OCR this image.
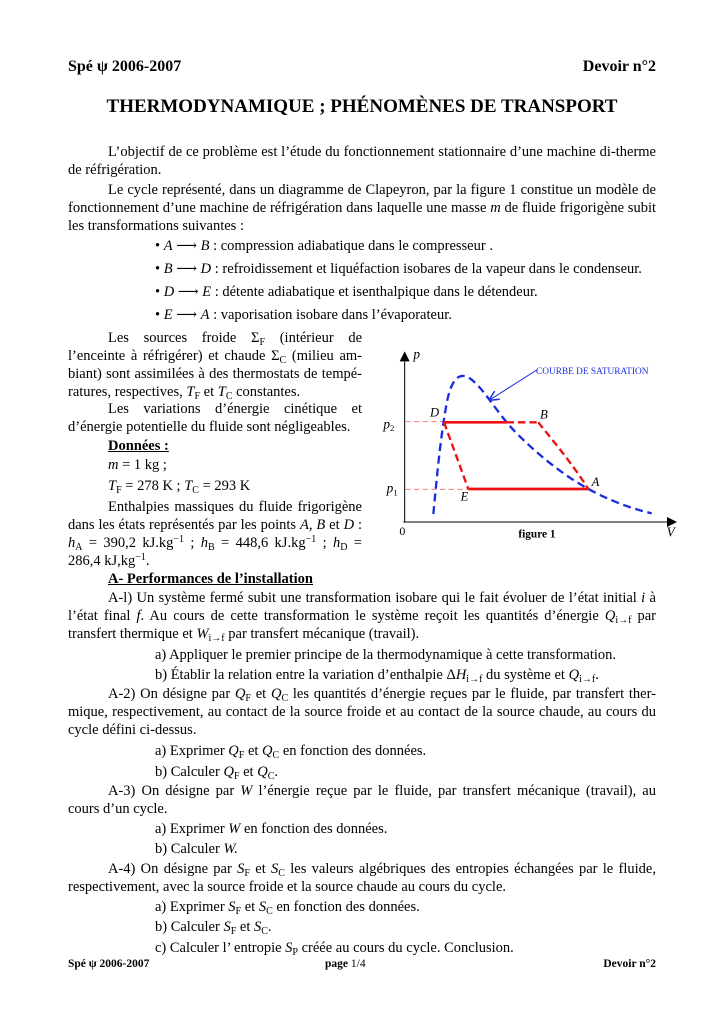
Spé ψ 2006-2007	Devoir n°2
THERMODYNAMIQUE ; PHÉNOMÈNES DE TRANSPORT
L’objectif de ce problème est l’étude du fonctionnement stationnaire d’une machine di-therme de réfrigération.
Le cycle représenté, dans un diagramme de Clapeyron, par la figure 1 constitue un modèle de fonctionnement d’une machine de réfrigération dans laquelle une masse m de fluide frigorigène subit les transformations suivantes :
• A ⟶ B : compression adiabatique dans le compresseur .
• B ⟶ D : refroidissement et liquéfaction isobares de la vapeur dans le condenseur.
• D ⟶ E : détente adiabatique et isenthalpique dans le détendeur.
• E ⟶ A : vaporisation isobare dans l’évaporateur.
Les sources froide $\Sigma_F$ (intérieur de l’enceinte à réfrigérer) et chaude $\Sigma_C$ (milieu am-biant) sont assimilées à des thermostats de tempé-ratures, respectives, $T_F$ et $T_C$ constantes.
Les variations d’énergie cinétique et d’énergie potentielle du fluide sont négligeables.
Données :
m = 1 kg ;
$T_F = 278$ K ; $T_C = 293$ K
Enthalpies massiques du fluide frigorigène dans les états représentés par les points A, B et D : $h_A = 390,2$ $kJ.kg^{-1}$ ; $h_B = 448,6$ $kJ.kg^{-1}$ ; $h_D = 286,4$ $kJ,kg^{-1}$.
A- Performances de l’installation
A-l) Un système fermé subit une transformation isobare qui le fait évoluer de l’état initial i à l’état final f. Au cours de cette transformation le système reçoit les quantités d’énergie $Q_{i\to f}$ par transfert thermique et $W_{i\to f}$ par transfert mécanique (travail).
a) Appliquer le premier principe de la thermodynamique à cette transformation.
b) Établir la relation entre la variation d’enthalpie $\Delta H_{i\to f}$ du système et $Q_{i\to f}$.
A-2) On désigne par $Q_F$ et $Q_C$ les quantités d’énergie reçues par le fluide, par transfert ther-mique, respectivement, au contact de la source froide et au contact de la source chaude, au cours du cycle défini ci-dessus.
a) Exprimer $Q_F$ et $Q_C$ en fonction des données.
b) Calculer $Q_F$ et $Q_C$.
A-3) On désigne par W l’énergie reçue par le fluide, par transfert mécanique (travail), au cours d’un cycle.
a) Exprimer W en fonction des données.
b) Calculer W.
A-4) On désigne par $S_F$ et $S_C$ les valeurs algébriques des entropies échangées par le fluide, respectivement, avec la source froide et la source chaude au cours du cycle.
a) Exprimer $S_F$ et $S_C$ en fonction des données.
b) Calculer $S_F$ et $S_C$.
c) Calculer l’ entropie $S_P$ créée au cours du cycle. Conclusion.
p
V
0
$p_2$
$p_1$
D	B
A
E
COURBE DE SATURATION
figure 1
Spé ψ 2006-2007	page 1/4	Devoir n°2
